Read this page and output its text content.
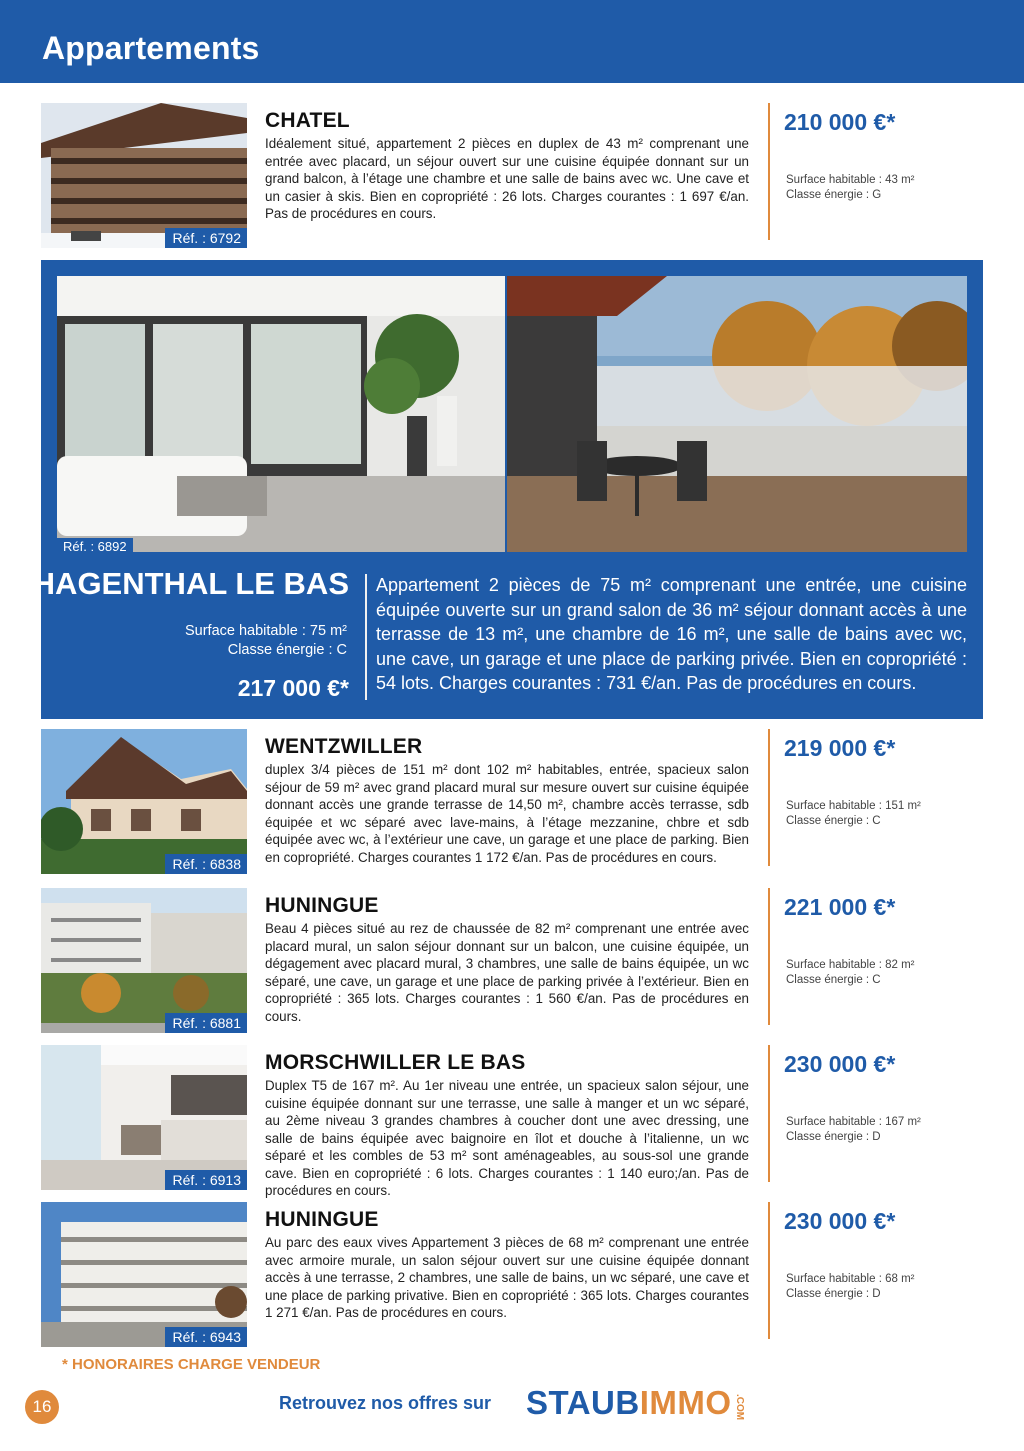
Appartements
Réf. : 6792
CHATEL

Idéalement situé, appartement 2 pièces en duplex de 43 m² comprenant une entrée avec placard, un séjour ouvert sur une cuisine équipée donnant sur un grand balcon, à l’étage une chambre et une salle de bains avec wc. Une cave et un casier à skis. Bien en copropriété : 26 lots. Charges courantes : 1 697 €/an. Pas de procédures en cours.

210 000 €*
Surface habitable : 43 m²
Classe énergie : G
Réf. : 6892
HAGENTHAL LE BAS
Surface habitable : 75 m²
Classe énergie : C
217 000 €*

Appartement 2 pièces de 75 m² comprenant une entrée, une cuisine équipée ouverte sur un grand salon de 36 m² séjour donnant accès à une terrasse de 13 m², une chambre de 16 m², une salle de bains avec wc, une cave, un garage et une place de parking privée. Bien en copropriété : 54 lots. Charges courantes : 731 €/an. Pas de procédures en cours.

Réf. : 6838
WENTZWILLER

duplex 3/4 pièces de 151 m² dont 102 m² habitables, entrée, spacieux salon séjour de 59 m² avec grand placard mural sur mesure ouvert sur cuisine équipée donnant accès une grande terrasse de 14,50 m², chambre accès terrasse, sdb équipée et wc séparé avec lave-mains, à l’étage mezzanine, chbre et sdb équipée avec wc, à l’extérieur une cave, un garage et une place de parking. Bien en copropriété. Charges courantes 1 172 €/an. Pas de procédures en cours.

219 000 €*
Surface habitable : 151 m²
Classe énergie : C
Réf. : 6881
HUNINGUE

Beau 4 pièces situé au rez de chaussée de 82 m² comprenant une entrée avec placard mural, un salon séjour donnant sur un balcon, une cuisine équipée, un dégagement avec placard mural, 3 chambres, une salle de bains équipée, un wc séparé, une cave, un garage et une place de parking privée à l’extérieur. Bien en copropriété : 365 lots. Charges courantes : 1 560 €/an. Pas de procédures en cours.

221 000 €*
Surface habitable : 82 m²
Classe énergie : C
Réf. : 6913
MORSCHWILLER LE BAS

Duplex T5 de 167 m². Au 1er niveau une entrée, un spacieux salon séjour, une cuisine équipée donnant sur une terrasse, une salle à manger et un wc séparé, au 2ème niveau 3 grandes chambres à coucher dont une avec dressing, une salle de bains équipée avec baignoire en îlot et douche à l’italienne, un wc séparé et les combles de 53 m² sont aménageables, au sous-sol une grande cave. Bien en copropriété : 6 lots. Charges courantes : 1 140 euro;/an. Pas de procédures en cours.

230 000 €*
Surface habitable : 167 m²
Classe énergie : D
Réf. : 6943
HUNINGUE

Au parc des eaux vives Appartement 3 pièces de 68 m² comprenant une entrée avec armoire murale, un salon séjour ouvert sur une cuisine équipée donnant accès à une terrasse, 2 chambres, une salle de bains, un wc séparé, une cave et une place de parking privative. Bien en copropriété : 365 lots. Charges courantes 1 271 €/an. Pas de procédures en cours.

230 000 €*
Surface habitable : 68 m²
Classe énergie : D
* HONORAIRES CHARGE VENDEUR
16	Retrouvez nos offres sur STAUBIMMO .COM
